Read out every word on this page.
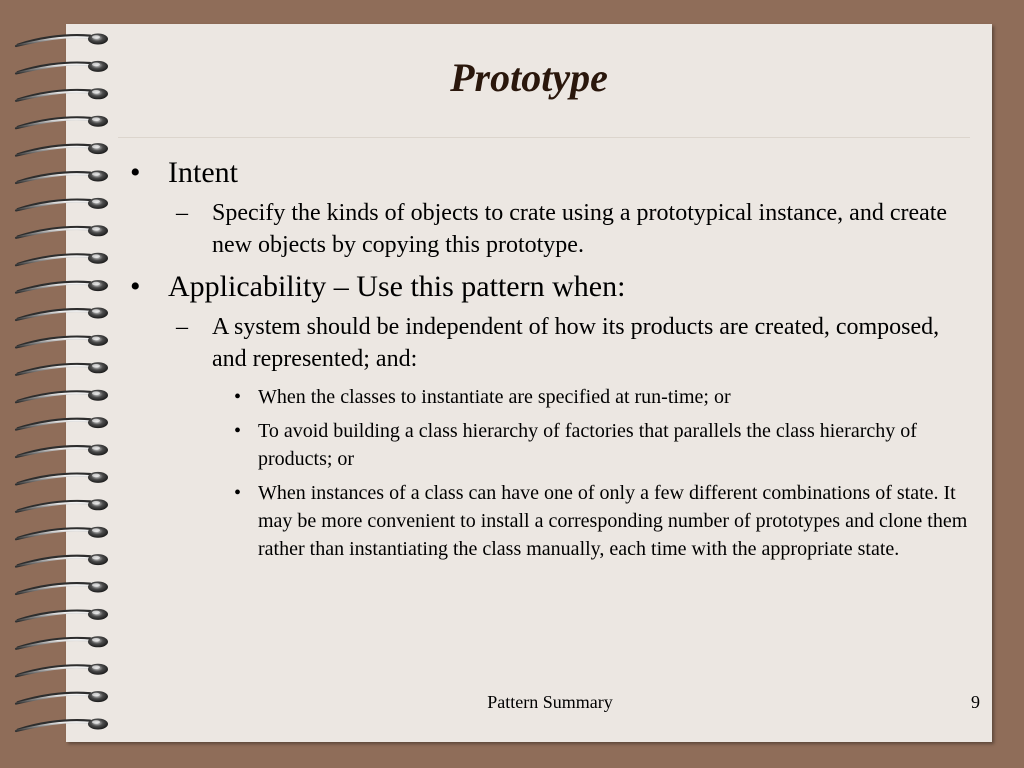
Prototype
• Intent
– Specify the kinds of objects to crate using a prototypical instance, and create new objects by copying this prototype.
• Applicability – Use this pattern when:
– A system should be independent of how its products are created, composed, and represented; and:
• When the classes to instantiate are specified at run-time; or
• To avoid building a class hierarchy of factories that parallels the class hierarchy of products; or
• When instances of a class can have one of only a few different combinations of state. It may be more convenient to install a corresponding number of prototypes and clone them rather than instantiating the class manually, each time with the appropriate state.
Pattern Summary	9
